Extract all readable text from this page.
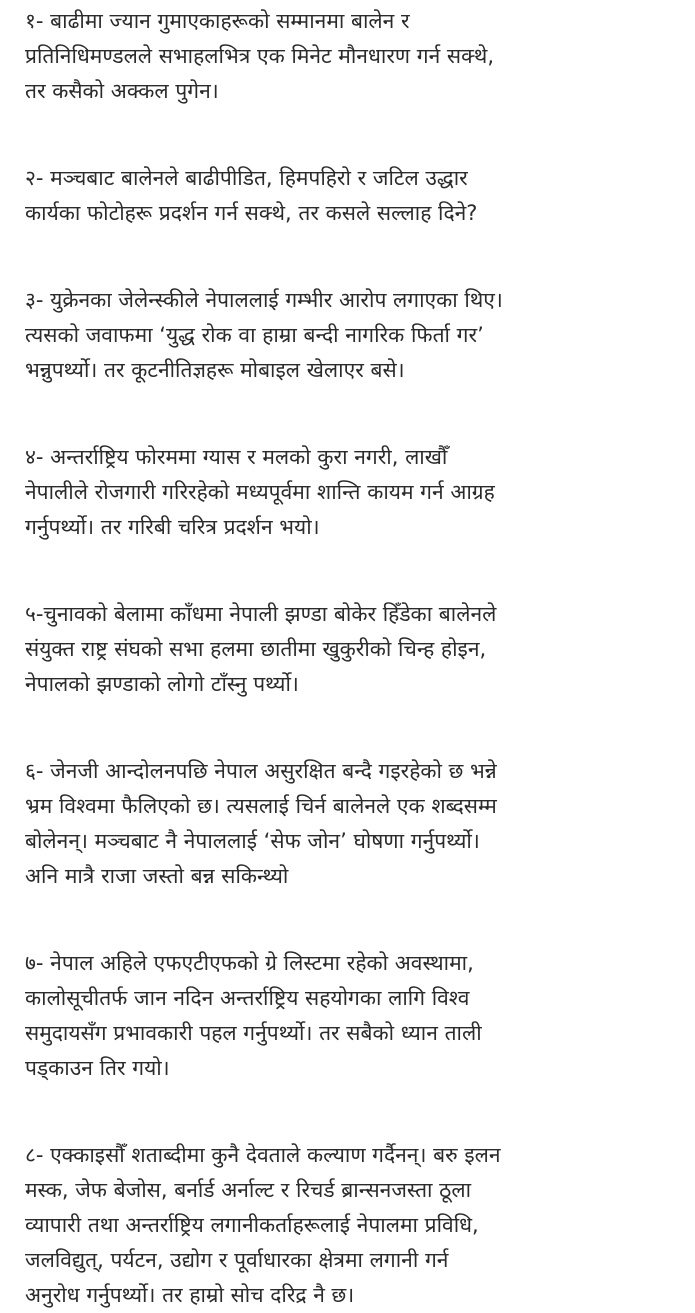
१- बाढीमा ज्यान गुमाएकाहरूको सम्मानमा बालेन र
प्रतिनिधिमण्डलले सभाहलभित्र एक मिनेट मौनधारण गर्न सक्थे,
तर कसैको अक्कल पुगेन।
२- मञ्चबाट बालेनले बाढीपीडित, हिमपहिरो र जटिल उद्धार
कार्यका फोटोहरू प्रदर्शन गर्न सक्थे, तर कसले सल्लाह दिने?
३- युक्रेनका जेलेन्स्कीले नेपाललाई गम्भीर आरोप लगाएका थिए।
त्यसको जवाफमा ‘युद्ध रोक वा हाम्रा बन्दी नागरिक फिर्ता गर’
भन्नुपर्थ्यो। तर कूटनीतिज्ञहरू मोबाइल खेलाएर बसे।
४- अन्तर्राष्ट्रिय फोरममा ग्यास र मलको कुरा नगरी, लाखौँ
नेपालीले रोजगारी गरिरहेको मध्यपूर्वमा शान्ति कायम गर्न आग्रह
गर्नुपर्थ्यो। तर गरिबी चरित्र प्रदर्शन भयो।
५-चुनावको बेलामा काँधमा नेपाली झण्डा बोकेर हिँडेका बालेनले
संयुक्त राष्ट्र संघको सभा हलमा छातीमा खुकुरीको चिन्ह होइन,
नेपालको झण्डाको लोगो टाँस्नु पर्थ्यो।
६- जेनजी आन्दोलनपछि नेपाल असुरक्षित बन्दै गइरहेको छ भन्ने
भ्रम विश्वमा फैलिएको छ। त्यसलाई चिर्न बालेनले एक शब्दसम्म
बोलेनन्। मञ्चबाट नै नेपाललाई ‘सेफ जोन’ घोषणा गर्नुपर्थ्यो।
अनि मात्रै राजा जस्तो बन्न सकिन्थ्यो
७- नेपाल अहिले एफएटीएफको ग्रे लिस्टमा रहेको अवस्थामा,
कालोसूचीतर्फ जान नदिन अन्तर्राष्ट्रिय सहयोगका लागि विश्व
समुदायसँग प्रभावकारी पहल गर्नुपर्थ्यो। तर सबैको ध्यान ताली
पड्काउन तिर गयो।
८- एक्काइसौँ शताब्दीमा कुनै देवताले कल्याण गर्दैनन्। बरु इलन
मस्क, जेफ बेजोस, बर्नार्ड अर्नाल्ट र रिचर्ड ब्रान्सनजस्ता ठूला
व्यापारी तथा अन्तर्राष्ट्रिय लगानीकर्ताहरूलाई नेपालमा प्रविधि,
जलविद्युत्, पर्यटन, उद्योग र पूर्वाधारका क्षेत्रमा लगानी गर्न
अनुरोध गर्नुपर्थ्यो। तर हाम्रो सोच दरिद्र नै छ।
